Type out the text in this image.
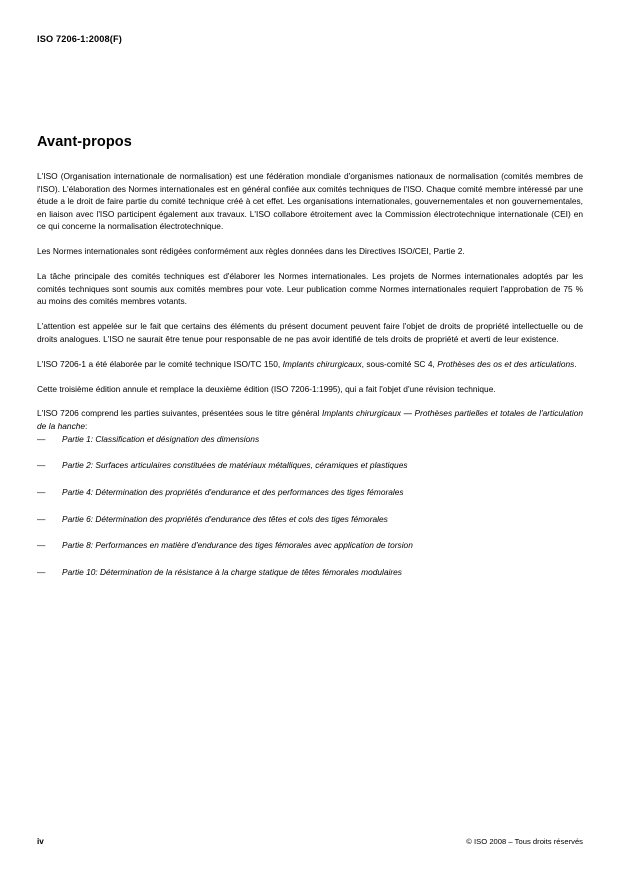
ISO 7206-1:2008(F)
Avant-propos

L'ISO (Organisation internationale de normalisation) est une fédération mondiale d'organismes nationaux de normalisation (comités membres de l'ISO). L'élaboration des Normes internationales est en général confiée aux comités techniques de l'ISO. Chaque comité membre intéressé par une étude a le droit de faire partie du comité technique créé à cet effet. Les organisations internationales, gouvernementales et non gouvernementales, en liaison avec l'ISO participent également aux travaux. L'ISO collabore étroitement avec la Commission électrotechnique internationale (CEI) en ce qui concerne la normalisation électrotechnique.

Les Normes internationales sont rédigées conformément aux règles données dans les Directives ISO/CEI, Partie 2.

La tâche principale des comités techniques est d'élaborer les Normes internationales. Les projets de Normes internationales adoptés par les comités techniques sont soumis aux comités membres pour vote. Leur publication comme Normes internationales requiert l'approbation de 75 % au moins des comités membres votants.

L'attention est appelée sur le fait que certains des éléments du présent document peuvent faire l'objet de droits de propriété intellectuelle ou de droits analogues. L'ISO ne saurait être tenue pour responsable de ne pas avoir identifié de tels droits de propriété et averti de leur existence.

L'ISO 7206-1 a été élaborée par le comité technique ISO/TC 150, Implants chirurgicaux, sous-comité SC 4, Prothèses des os et des articulations.

Cette troisième édition annule et remplace la deuxième édition (ISO 7206-1:1995), qui a fait l'objet d'une révision technique.

L'ISO 7206 comprend les parties suivantes, présentées sous le titre général Implants chirurgicaux — Prothèses partielles et totales de l'articulation de la hanche:

— Partie 1: Classification et désignation des dimensions
— Partie 2: Surfaces articulaires constituées de matériaux métalliques, céramiques et plastiques
— Partie 4: Détermination des propriétés d'endurance et des performances des tiges fémorales
— Partie 6: Détermination des propriétés d'endurance des têtes et cols des tiges fémorales
— Partie 8: Performances en matière d'endurance des tiges fémorales avec application de torsion
— Partie 10: Détermination de la résistance à la charge statique de têtes fémorales modulaires
iv	© ISO 2008 – Tous droits réservés
